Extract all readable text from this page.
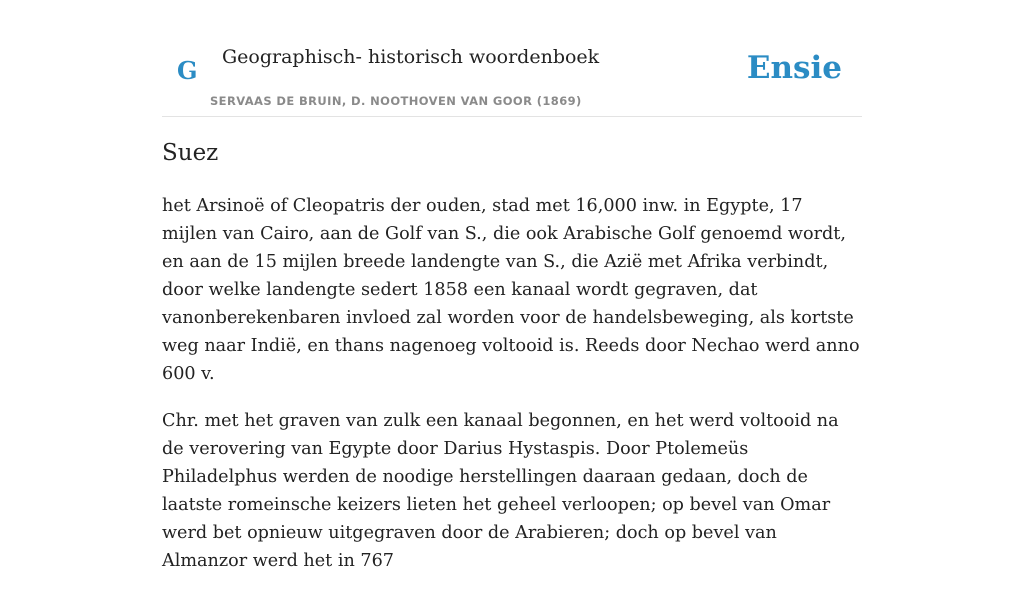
G Geographisch- historisch woordenboek
SERVAAS DE BRUIN, D. NOOTHOVEN VAN GOOR (1869)
Ensie
Suez

het Arsinoë of Cleopatris der ouden, stad met 16,000 inw. in Egypte, 17 mijlen van Cairo, aan de Golf van S., die ook Arabische Golf genoemd wordt, en aan de 15 mijlen breede landengte van S., die Azië met Afrika verbindt, door welke landengte sedert 1858 een kanaal wordt gegraven, dat vanonberekenbaren invloed zal worden voor de handelsbeweging, als kortste weg naar Indië, en thans nagenoeg voltooid is. Reeds door Nechao werd anno 600 v.

Chr. met het graven van zulk een kanaal begonnen, en het werd voltooid na de verovering van Egypte door Darius Hystaspis. Door Ptolemeüs Philadelphus werden de noodige herstellingen daaraan gedaan, doch de laatste romeinsche keizers lieten het geheel verloopen; op bevel van Omar werd bet opnieuw uitgegraven door de Arabieren; doch op bevel van Almanzor werd het in 767
